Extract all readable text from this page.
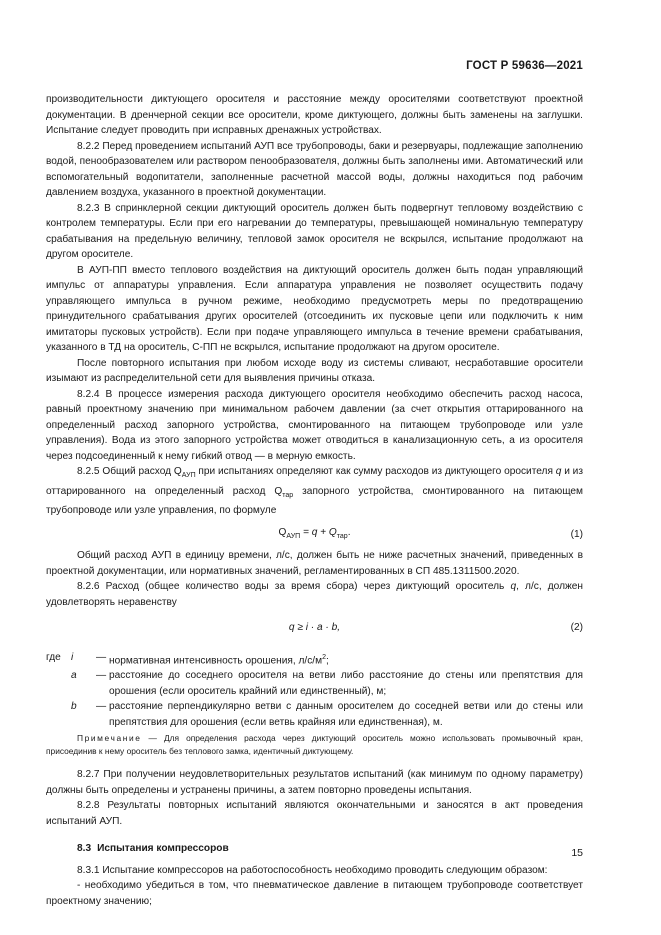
ГОСТ Р 59636—2021

производительности диктующего оросителя и расстояние между оросителями соответствуют проектной документации. В дренчерной секции все оросители, кроме диктующего, должны быть заменены на заглушки. Испытание следует проводить при исправных дренажных устройствах.

8.2.2 Перед проведением испытаний АУП все трубопроводы, баки и резервуары, подлежащие заполнению водой, пенообразователем или раствором пенообразователя, должны быть заполнены ими. Автоматический или вспомогательный водопитатели, заполненные расчетной массой воды, должны находиться под рабочим давлением воздуха, указанного в проектной документации.

8.2.3 В спринклерной секции диктующий ороситель должен быть подвергнут тепловому воздействию с контролем температуры. Если при его нагревании до температуры, превышающей номинальную температуру срабатывания на предельную величину, тепловой замок оросителя не вскрылся, испытание продолжают на другом оросителе.

В АУП-ПП вместо теплового воздействия на диктующий ороситель должен быть подан управляющий импульс от аппаратуры управления. Если аппаратура управления не позволяет осуществить подачу управляющего импульса в ручном режиме, необходимо предусмотреть меры по предотвращению принудительного срабатывания других оросителей (отсоединить их пусковые цепи или подключить к ним имитаторы пусковых устройств). Если при подаче управляющего импульса в течение времени срабатывания, указанного в ТД на ороситель, С-ПП не вскрылся, испытание продолжают на другом оросителе.

После повторного испытания при любом исходе воду из системы сливают, несработавшие оросители изымают из распределительной сети для выявления причины отказа.

8.2.4 В процессе измерения расхода диктующего оросителя необходимо обеспечить расход насоса, равный проектному значению при минимальном рабочем давлении (за счет открытия оттарированного на определенный расход запорного устройства, смонтированного на питающем трубопроводе или узле управления). Вода из этого запорного устройства может отводиться в канализационную сеть, а из оросителя через подсоединенный к нему гибкий отвод — в мерную емкость.

8.2.5 Общий расход $Q_{АУП}$ при испытаниях определяют как сумму расходов из диктующего оросителя q и из оттарированного на определенный расход $Q_{тар}$ запорного устройства, смонтированного на питающем трубопроводе или узле управления, по формуле

$Q_{АУП} = q + Q_{тар}$.	(1)

Общий расход АУП в единицу времени, л/с, должен быть не ниже расчетных значений, приведенных в проектной документации, или нормативных значений, регламентированных в СП 485.1311500.2020.

8.2.6 Расход (общее количество воды за время сбора) через диктующий ороситель q, л/с, должен удовлетворять неравенству

q ≥ i · a · b,	(2)
где	i	— нормативная интенсивность орошения, $л/с/м^2$;
a	— расстояние до соседнего оросителя на ветви либо расстояние до стены или препятствия для орошения (если ороситель крайний или единственный), м;
b	— расстояние перпендикулярно ветви с данным оросителем до соседней ветви или до стены или препятствия для орошения (если ветвь крайняя или единственная), м.

Примечание — Для определения расхода через диктующий ороситель можно использовать промывочный кран, присоединив к нему ороситель без теплового замка, идентичный диктующему.

8.2.7 При получении неудовлетворительных результатов испытаний (как минимум по одному параметру) должны быть определены и устранены причины, а затем повторно проведены испытания.

8.2.8 Результаты повторных испытаний являются окончательными и заносятся в акт проведения испытаний АУП.

8.3 Испытания компрессоров

8.3.1 Испытание компрессоров на работоспособность необходимо проводить следующим образом:

- необходимо убедиться в том, что пневматическое давление в питающем трубопроводе соответствует проектному значению;

15
